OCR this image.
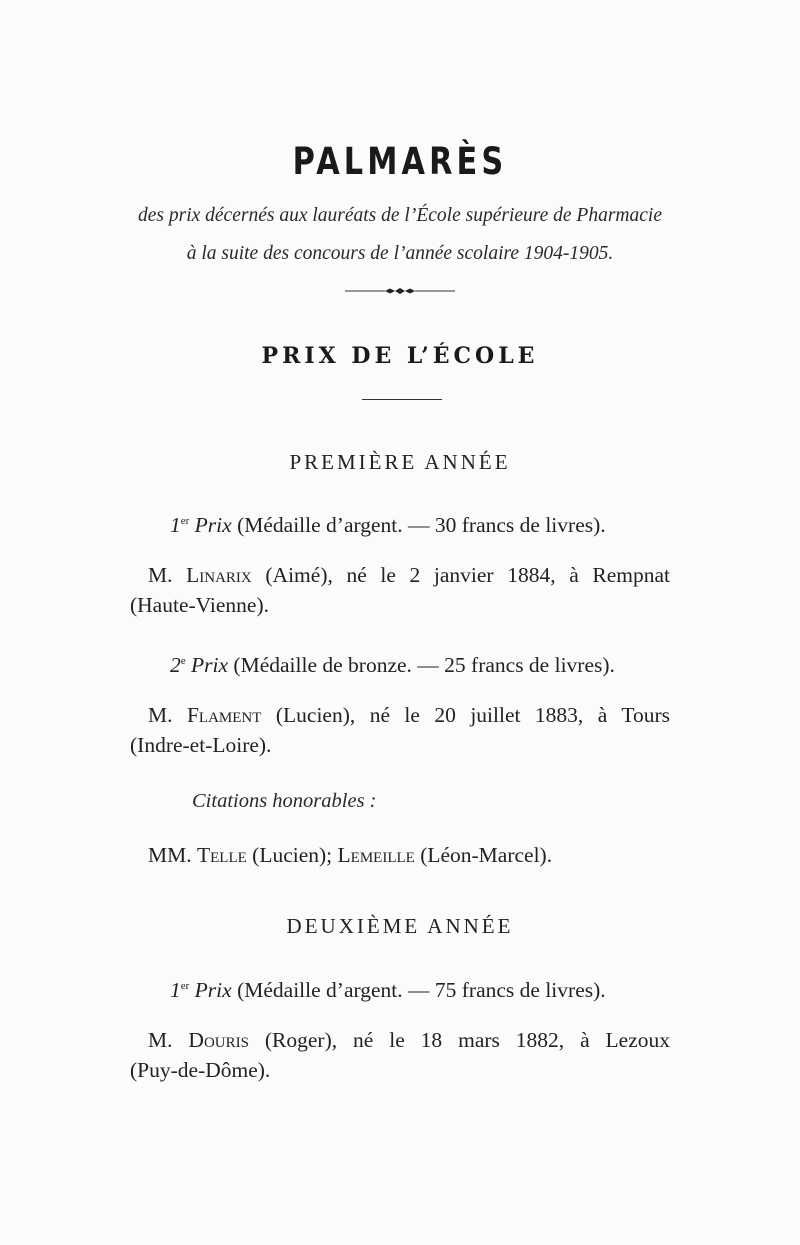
PALMARÈS
des prix décernés aux lauréats de l’École supérieure de Pharmacie
à la suite des concours de l’année scolaire 1904-1905.
PRIX DE L’ÉCOLE
PREMIÈRE ANNÉE
1er Prix (Médaille d’argent. — 30 francs de livres).
M. Linarix (Aimé), né le 2 janvier 1884, à Rempnat
(Haute-Vienne).
2e Prix (Médaille de bronze. — 25 francs de livres).
M. Flament (Lucien), né le 20 juillet 1883, à Tours
(Indre-et-Loire).
Citations honorables :
MM. Telle (Lucien); Lemeille (Léon-Marcel).
DEUXIÈME ANNÉE
1er Prix (Médaille d’argent. — 75 francs de livres).
M. Douris (Roger), né le 18 mars 1882, à Lezoux
(Puy-de-Dôme).
